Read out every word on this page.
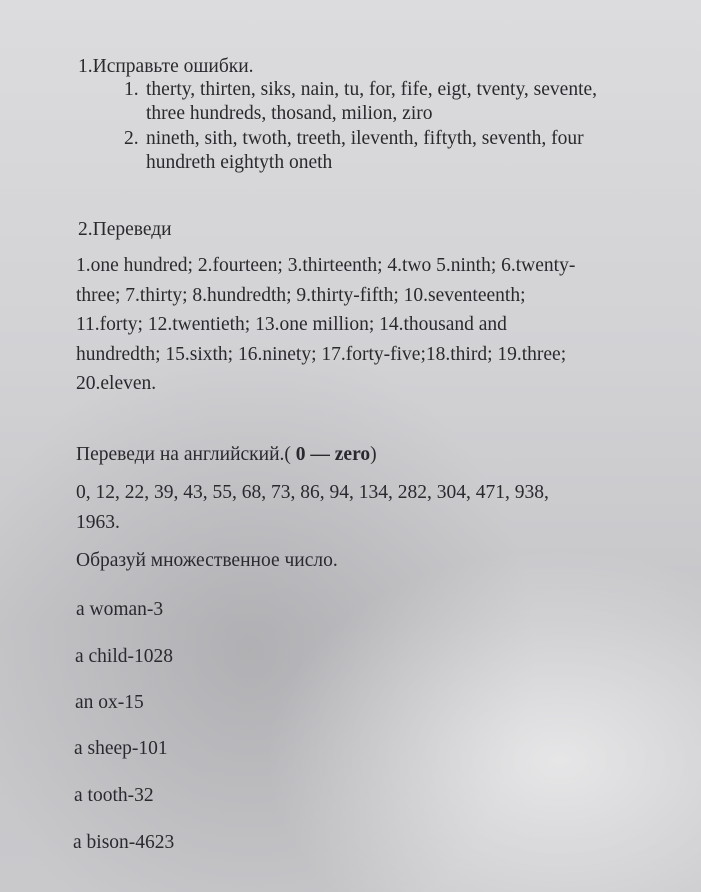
1.Исправьте ошибки.

1. therty, thirten, siks, nain, tu, for, fife, eigt, tventy, sevente, three hundreds, thosand, milion, ziro
2. nineth, sith, twoth, treeth, ileventh, fiftyth, seventh, four hundreth eightyth oneth

2.Переведи

1.one hundred; 2.fourteen; 3.thirteenth; 4.two 5.ninth; 6.twenty-
three; 7.thirty; 8.hundredth; 9.thirty-fifth; 10.seventeenth;
11.forty; 12.twentieth; 13.one million; 14.thousand and
hundredth; 15.sixth; 16.ninety; 17.forty-five;18.third; 19.three;
20.eleven.

Переведи на английский.( 0 — zero)

0, 12, 22, 39, 43, 55, 68, 73, 86, 94, 134, 282, 304, 471, 938,
1963.

Образуй множественное число.

a woman-3

a child-1028

an ox-15

a sheep-101

a tooth-32

a bison-4623
